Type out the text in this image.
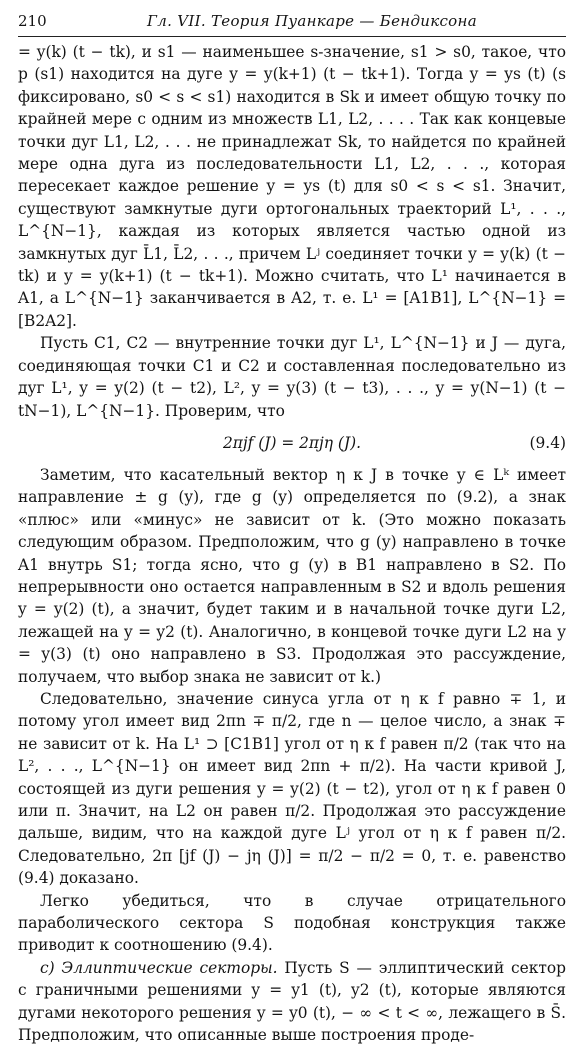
210	Гл. VII. Теория Пуанкаре — Бендиксона

= y(k) (t − tk), и s1 — наименьшее s-значение, s1 > s0, такое, что p (s1) находится на дуге y = y(k+1) (t − tk+1). Тогда y = ys (t) (s фиксировано, s0 < s < s1) находится в Sk и имеет общую точку по крайней мере с одним из множеств L1, L2, . . . . Так как концевые точки дуг L1, L2, . . . не принадлежат Sk, то найдется по крайней мере одна дуга из последовательности L1, L2, . . ., которая пересекает каждое решение y = ys (t) для s0 < s < s1. Значит, существуют замкнутые дуги ортогональных траекторий L¹, . . ., L^{N−1}, каждая из которых является частью одной из замкнутых дуг L̄1, L̄2, . . ., причем Lʲ соединяет точки y = y(k) (t − tk) и y = y(k+1) (t − tk+1). Можно считать, что L¹ начинается в A1, а L^{N−1} заканчивается в A2, т. е. L¹ = [A1B1], L^{N−1} = [B2A2].

Пусть C1, C2 — внутренние точки дуг L¹, L^{N−1} и J — дуга, соединяющая точки C1 и C2 и составленная последовательно из дуг L¹, y = y(2) (t − t2), L², y = y(3) (t − t3), . . ., y = y(N−1) (t − tN−1), L^{N−1}. Проверим, что

2πjf (J) = 2πjη (J).	(9.4)

Заметим, что касательный вектор η к J в точке y ∈ Lᵏ имеет направление ± g (y), где g (y) определяется по (9.2), а знак «плюс» или «минус» не зависит от k. (Это можно показать следующим образом. Предположим, что g (y) направлено в точке A1 внутрь S1; тогда ясно, что g (y) в B1 направлено в S2. По непрерывности оно остается направленным в S2 и вдоль решения y = y(2) (t), а значит, будет таким и в начальной точке дуги L2, лежащей на y = y2 (t). Аналогично, в концевой точке дуги L2 на y = y(3) (t) оно направлено в S3. Продолжая это рассуждение, получаем, что выбор знака не зависит от k.)

Следовательно, значение синуса угла от η к f равно ∓ 1, и потому угол имеет вид 2πn ∓ π/2, где n — целое число, а знак ∓ не зависит от k. На L¹ ⊃ [C1B1] угол от η к f равен π/2 (так что на L², . . ., L^{N−1} он имеет вид 2πn + π/2). На части кривой J, состоящей из дуги решения y = y(2) (t − t2), угол от η к f равен 0 или π. Значит, на L2 он равен π/2. Продолжая это рассуждение дальше, видим, что на каждой дуге Lʲ угол от η к f равен π/2. Следовательно, 2π [jf (J) − jη (J)] = π/2 − π/2 = 0, т. е. равенство (9.4) доказано.

Легко убедиться, что в случае отрицательного параболического сектора S подобная конструкция также приводит к соотношению (9.4).

c) Эллиптические секторы. Пусть S — эллиптический сектор с граничными решениями y = y1 (t), y2 (t), которые являются дугами некоторого решения y = y0 (t), − ∞ < t < ∞, лежащего в S̄. Предположим, что описанные выше построения проде-
